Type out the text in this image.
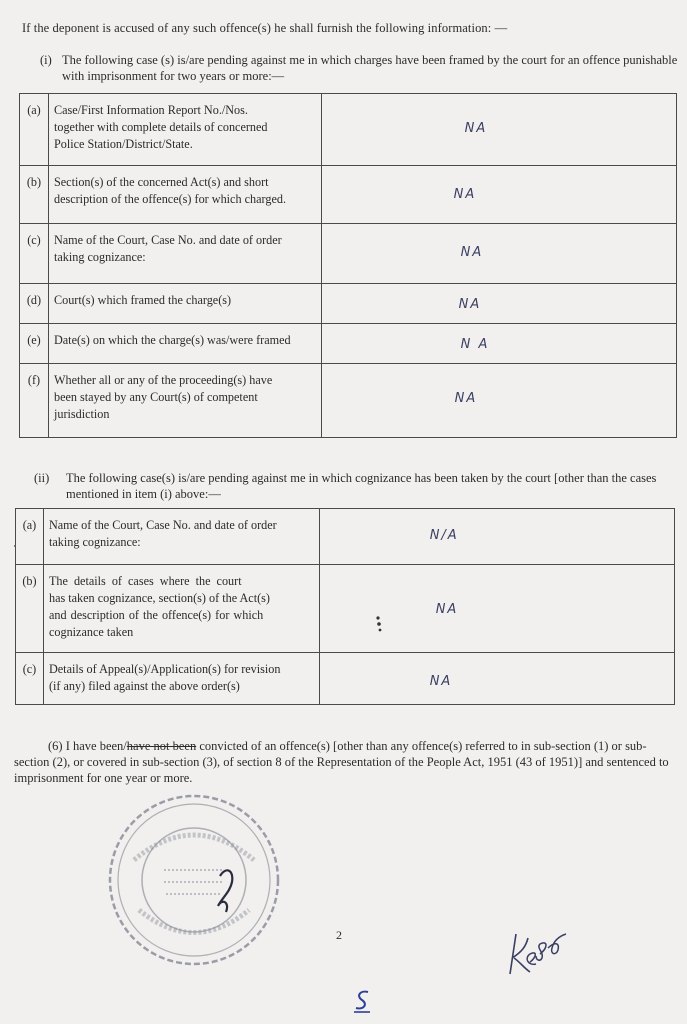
If the deponent is accused of any such offence(s) he shall furnish the following information: —
(i) The following case (s) is/are pending against me in which charges have been framed by the court for an offence punishable with imprisonment for two years or more:—
(a)	Case/First Information Report No./Nos.
together with complete details of concerned
Police Station/District/State.	NA

(b)	Section(s) of the concerned Act(s) and short
description of the offence(s) for which charged.	NA

(c)	Name of the Court, Case No. and date of order
taking cognizance:	NA

(d)	Court(s) which framed the charge(s)	NA

(e)	Date(s) on which the charge(s) was/were framed	N A

(f)	Whether all or any of the proceeding(s) have
been stayed by any Court(s) of competent
jurisdiction	NA
(ii) The following case(s) is/are pending against me in which cognizance has been taken by the court [other than the cases mentioned in item (i) above:—
(a)	Name of the Court, Case No. and date of order
taking cognizance:	N/A

(b)	The details of cases where the court
has taken cognizance, section(s) of the Act(s)
and description of the offence(s) for which
cognizance taken	NA

(c)	Details of Appeal(s)/Application(s) for revision
(if any) filed against the above order(s)	NA
(6) I have been/have not been convicted of an offence(s) [other than any offence(s) referred to in sub-section (1) or sub-section (2), or covered in sub-section (3), of section 8 of the Representation of the People Act, 1951 (43 of 1951)] and sentenced to imprisonment for one year or more.
2
